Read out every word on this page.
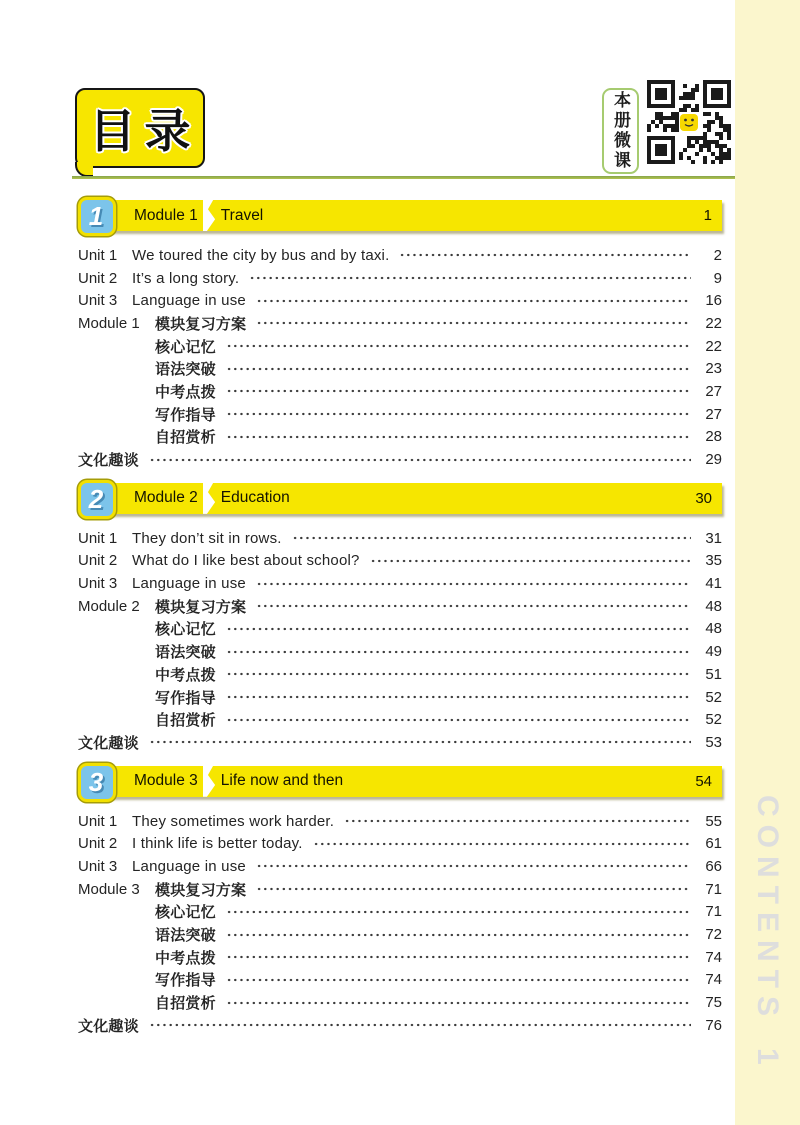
CONTENTS
1
目录	本册微课
Module 1 Travel	1
1
Unit 1 We toured the city by bus and by taxi.	2
Unit 2 It’s a long story.	9
Unit 3 Language in use	16
Module 1	模块复习方案	22
核心记忆	22
语法突破	23
中考点拨	27
写作指导	27
自招赏析	28
文化趣谈	29
Module 2 Education	30
2
Unit 1 They don’t sit in rows.	31
Unit 2 What do I like best about school?	35
Unit 3 Language in use	41
Module 2	模块复习方案	48
核心记忆	48
语法突破	49
中考点拨	51
写作指导	52
自招赏析	52
文化趣谈	53
Module 3 Life now and then	54
3
Unit 1 They sometimes work harder.	55
Unit 2 I think life is better today.	61
Unit 3 Language in use	66
Module 3	模块复习方案	71
核心记忆	71
语法突破	72
中考点拨	74
写作指导	74
自招赏析	75
文化趣谈	76
